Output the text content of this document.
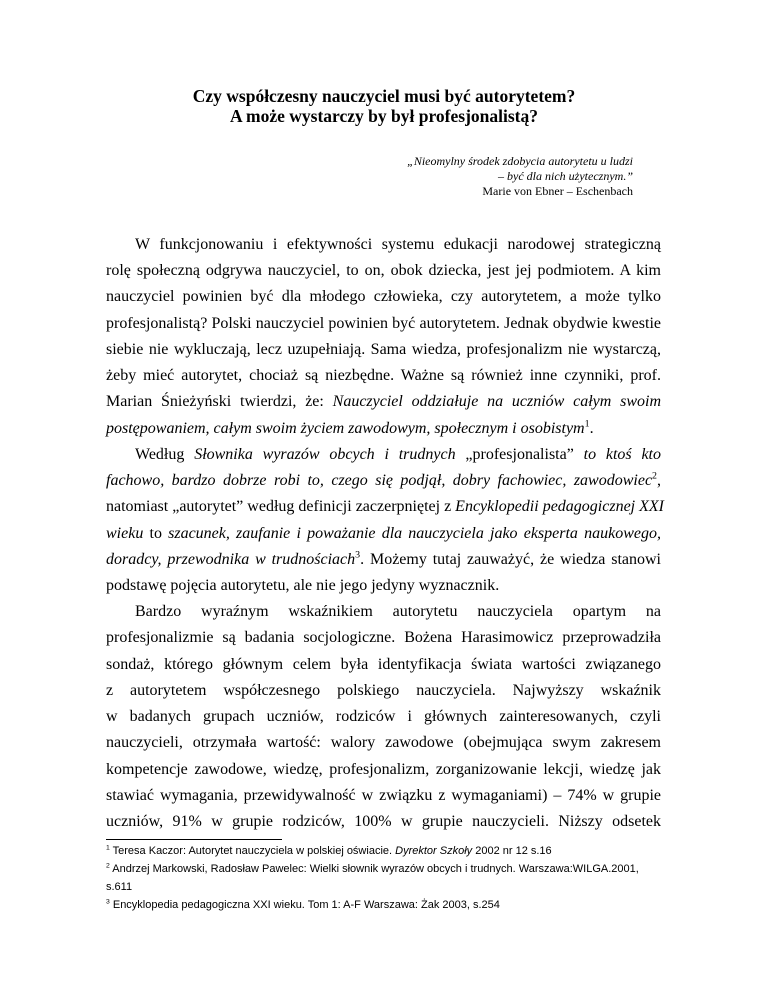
Czy współczesny nauczyciel musi być autorytetem?
A może wystarczy by był profesjonalistą?
„Nieomylny środek zdobycia autorytetu u ludzi
– być dla nich użytecznym.”
Marie von Ebner – Eschenbach
W funkcjonowaniu i efektywności systemu edukacji narodowej strategiczną
rolę społeczną odgrywa nauczyciel, to on, obok dziecka, jest jej podmiotem. A kim
nauczyciel powinien być dla młodego człowieka, czy autorytetem, a może tylko
profesjonalistą? Polski nauczyciel powinien być autorytetem. Jednak obydwie kwestie
siebie nie wykluczają, lecz uzupełniają. Sama wiedza, profesjonalizm nie wystarczą,
żeby mieć autorytet, chociaż są niezbędne. Ważne są również inne czynniki, prof.
Marian Śnieżyński twierdzi, że: Nauczyciel oddziałuje na uczniów całym swoim
postępowaniem, całym swoim życiem zawodowym, społecznym i osobistym$^1$.
Według Słownika wyrazów obcych i trudnych „profesjonalista” to ktoś kto
fachowo, bardzo dobrze robi to, czego się podjął, dobry fachowiec, zawodowiec$^2$,
natomiast „autorytet” według definicji zaczerpniętej z Encyklopedii pedagogicznej XXI
wieku to szacunek, zaufanie i poważanie dla nauczyciela jako eksperta naukowego,
doradcy, przewodnika w trudnościach$^3$. Możemy tutaj zauważyć, że wiedza stanowi
podstawę pojęcia autorytetu, ale nie jego jedyny wyznacznik.
Bardzo wyraźnym wskaźnikiem autorytetu nauczyciela opartym na
profesjonalizmie są badania socjologiczne. Bożena Harasimowicz przeprowadziła
sondaż, którego głównym celem była identyfikacja świata wartości związanego
z autorytetem współczesnego polskiego nauczyciela. Najwyższy wskaźnik
w badanych grupach uczniów, rodziców i głównych zainteresowanych, czyli
nauczycieli, otrzymała wartość: walory zawodowe (obejmująca swym zakresem
kompetencje zawodowe, wiedzę, profesjonalizm, zorganizowanie lekcji, wiedzę jak
stawiać wymagania, przewidywalność w związku z wymaganiami) – 74% w grupie
uczniów, 91% w grupie rodziców, 100% w grupie nauczycieli. Niższy odsetek
$^1$ Teresa Kaczor: Autorytet nauczyciela w polskiej oświacie. Dyrektor Szkoły 2002 nr 12 s.16
$^2$ Andrzej Markowski, Radosław Pawelec: Wielki słownik wyrazów obcych i trudnych. Warszawa:WILGA.2001,
s.611
$^3$ Encyklopedia pedagogiczna XXI wieku. Tom 1: A-F Warszawa: Żak 2003, s.254
